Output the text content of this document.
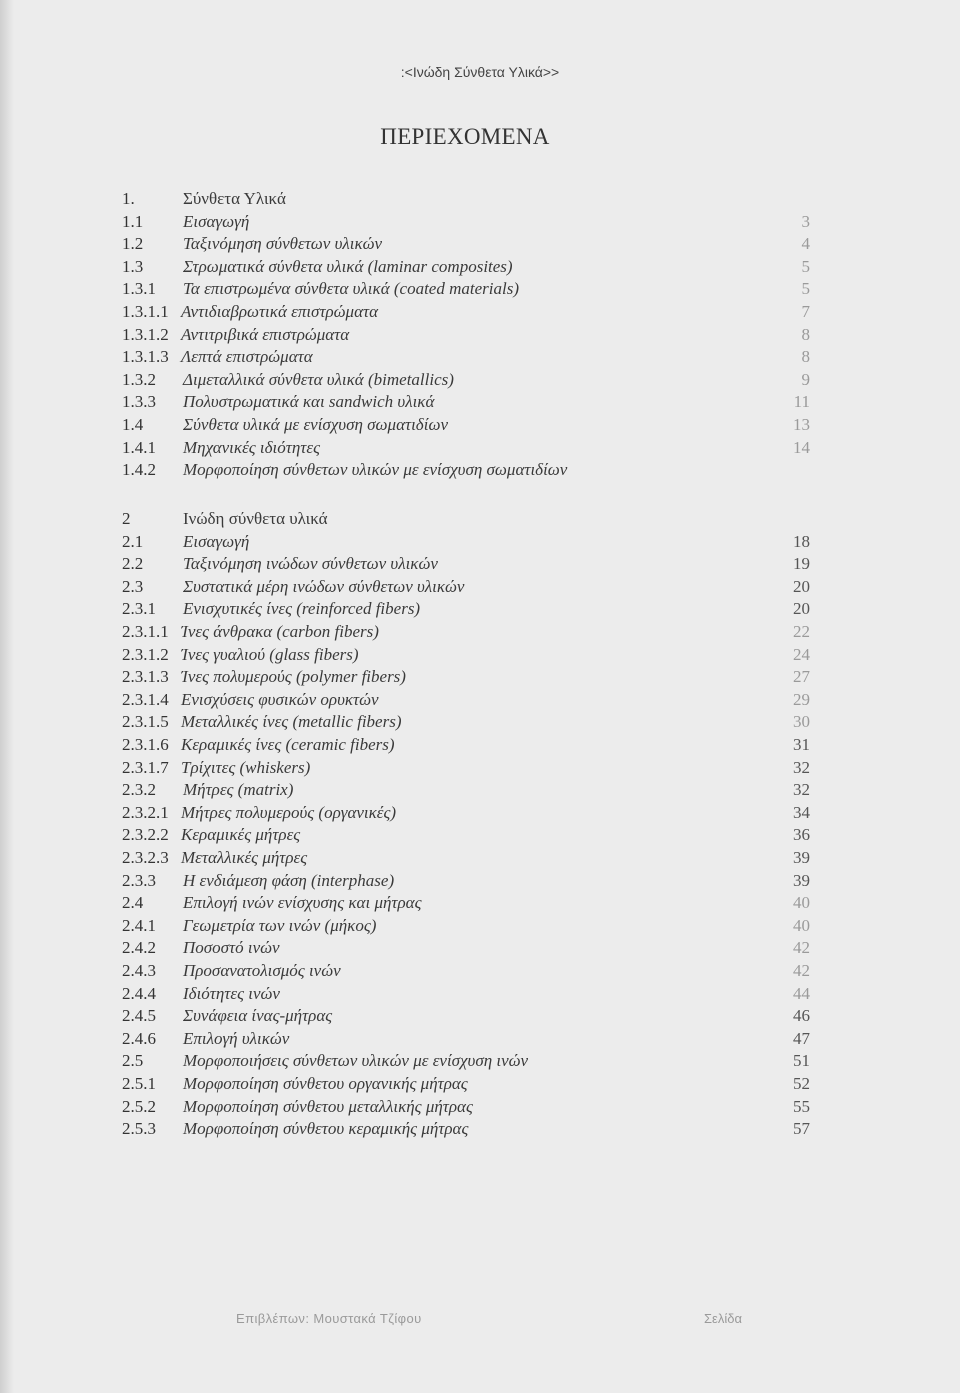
:<Ινώδη Σύνθετα Υλικά>>
ΠΕΡΙΕΧΟΜΕΝΑ
1.	Σύνθετα Υλικά
1.1 Εισαγωγή	3
1.2 Ταξινόμηση σύνθετων υλικών	4
1.3 Στρωματικά σύνθετα υλικά (laminar composites)	5
1.3.1 Τα επιστρωμένα σύνθετα υλικά (coated materials)	5
1.3.1.1 Αντιδιαβρωτικά επιστρώματα	7
1.3.1.2 Αντιτριβικά επιστρώματα	8
1.3.1.3 Λεπτά επιστρώματα	8
1.3.2 Διμεταλλικά σύνθετα υλικά (bimetallics)	9
1.3.3 Πολυστρωματικά και sandwich υλικά	11
1.4 Σύνθετα υλικά με ενίσχυση σωματιδίων	13
1.4.1 Μηχανικές ιδιότητες	14
1.4.2 Μορφοποίηση σύνθετων υλικών με ενίσχυση σωματιδίων
2	Ινώδη σύνθετα υλικά
2.1 Εισαγωγή	18
2.2 Ταξινόμηση ινώδων σύνθετων υλικών	19
2.3 Συστατικά μέρη ινώδων σύνθετων υλικών	20
2.3.1 Ενισχυτικές ίνες (reinforced fibers)	20
2.3.1.1 Ίνες άνθρακα (carbon fibers)	22
2.3.1.2 Ίνες γυαλιού (glass fibers)	24
2.3.1.3 Ίνες πολυμερούς (polymer fibers)	27
2.3.1.4 Ενισχύσεις φυσικών ορυκτών	29
2.3.1.5 Μεταλλικές ίνες (metallic fibers)	30
2.3.1.6 Κεραμικές ίνες (ceramic fibers)	31
2.3.1.7 Τρίχιτες (whiskers)	32
2.3.2 Μήτρες (matrix)	32
2.3.2.1 Μήτρες πολυμερούς (οργανικές)	34
2.3.2.2 Κεραμικές μήτρες	36
2.3.2.3 Μεταλλικές μήτρες	39
2.3.3 Η ενδιάμεση φάση (interphase)	39
2.4 Επιλογή ινών ενίσχυσης και μήτρας	40
2.4.1 Γεωμετρία των ινών (μήκος)	40
2.4.2 Ποσοστό ινών	42
2.4.3 Προσανατολισμός ινών	42
2.4.4 Ιδιότητες ινών	44
2.4.5 Συνάφεια ίνας-μήτρας	46
2.4.6 Επιλογή υλικών	47
2.5 Μορφοποιήσεις σύνθετων υλικών με ενίσχυση ινών	51
2.5.1 Μορφοποίηση σύνθετου οργανικής μήτρας	52
2.5.2 Μορφοποίηση σύνθετου μεταλλικής μήτρας	55
2.5.3 Μορφοποίηση σύνθετου κεραμικής μήτρας	57
Επιβλέπων: Μουστακά Τζίφου	Σελίδα
